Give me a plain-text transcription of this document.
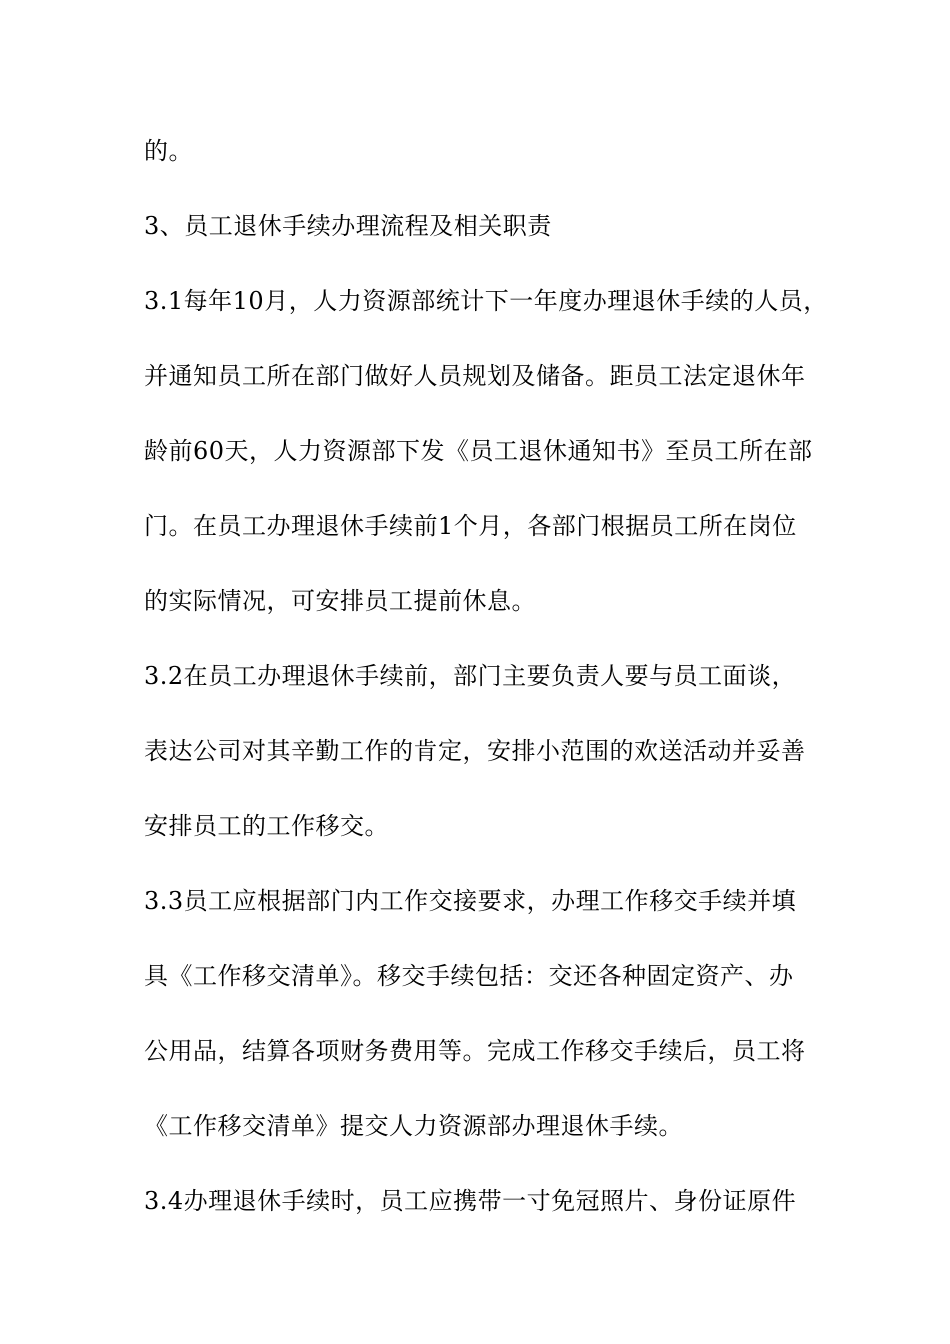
的。
3、员工退休手续办理流程及相关职责
3.1每年10月，人力资源部统计下一年度办理退休手续的人员，
并通知员工所在部门做好人员规划及储备。距员工法定退休年
龄前60天，人力资源部下发《员工退休通知书》至员工所在部
门。在员工办理退休手续前1个月，各部门根据员工所在岗位
的实际情况，可安排员工提前休息。
3.2在员工办理退休手续前，部门主要负责人要与员工面谈，
表达公司对其辛勤工作的肯定，安排小范围的欢送活动并妥善
安排员工的工作移交。
3.3员工应根据部门内工作交接要求，办理工作移交手续并填
具《工作移交清单》。移交手续包括：交还各种固定资产、办
公用品，结算各项财务费用等。完成工作移交手续后，员工将
《工作移交清单》提交人力资源部办理退休手续。
3.4办理退休手续时，员工应携带一寸免冠照片、身份证原件
